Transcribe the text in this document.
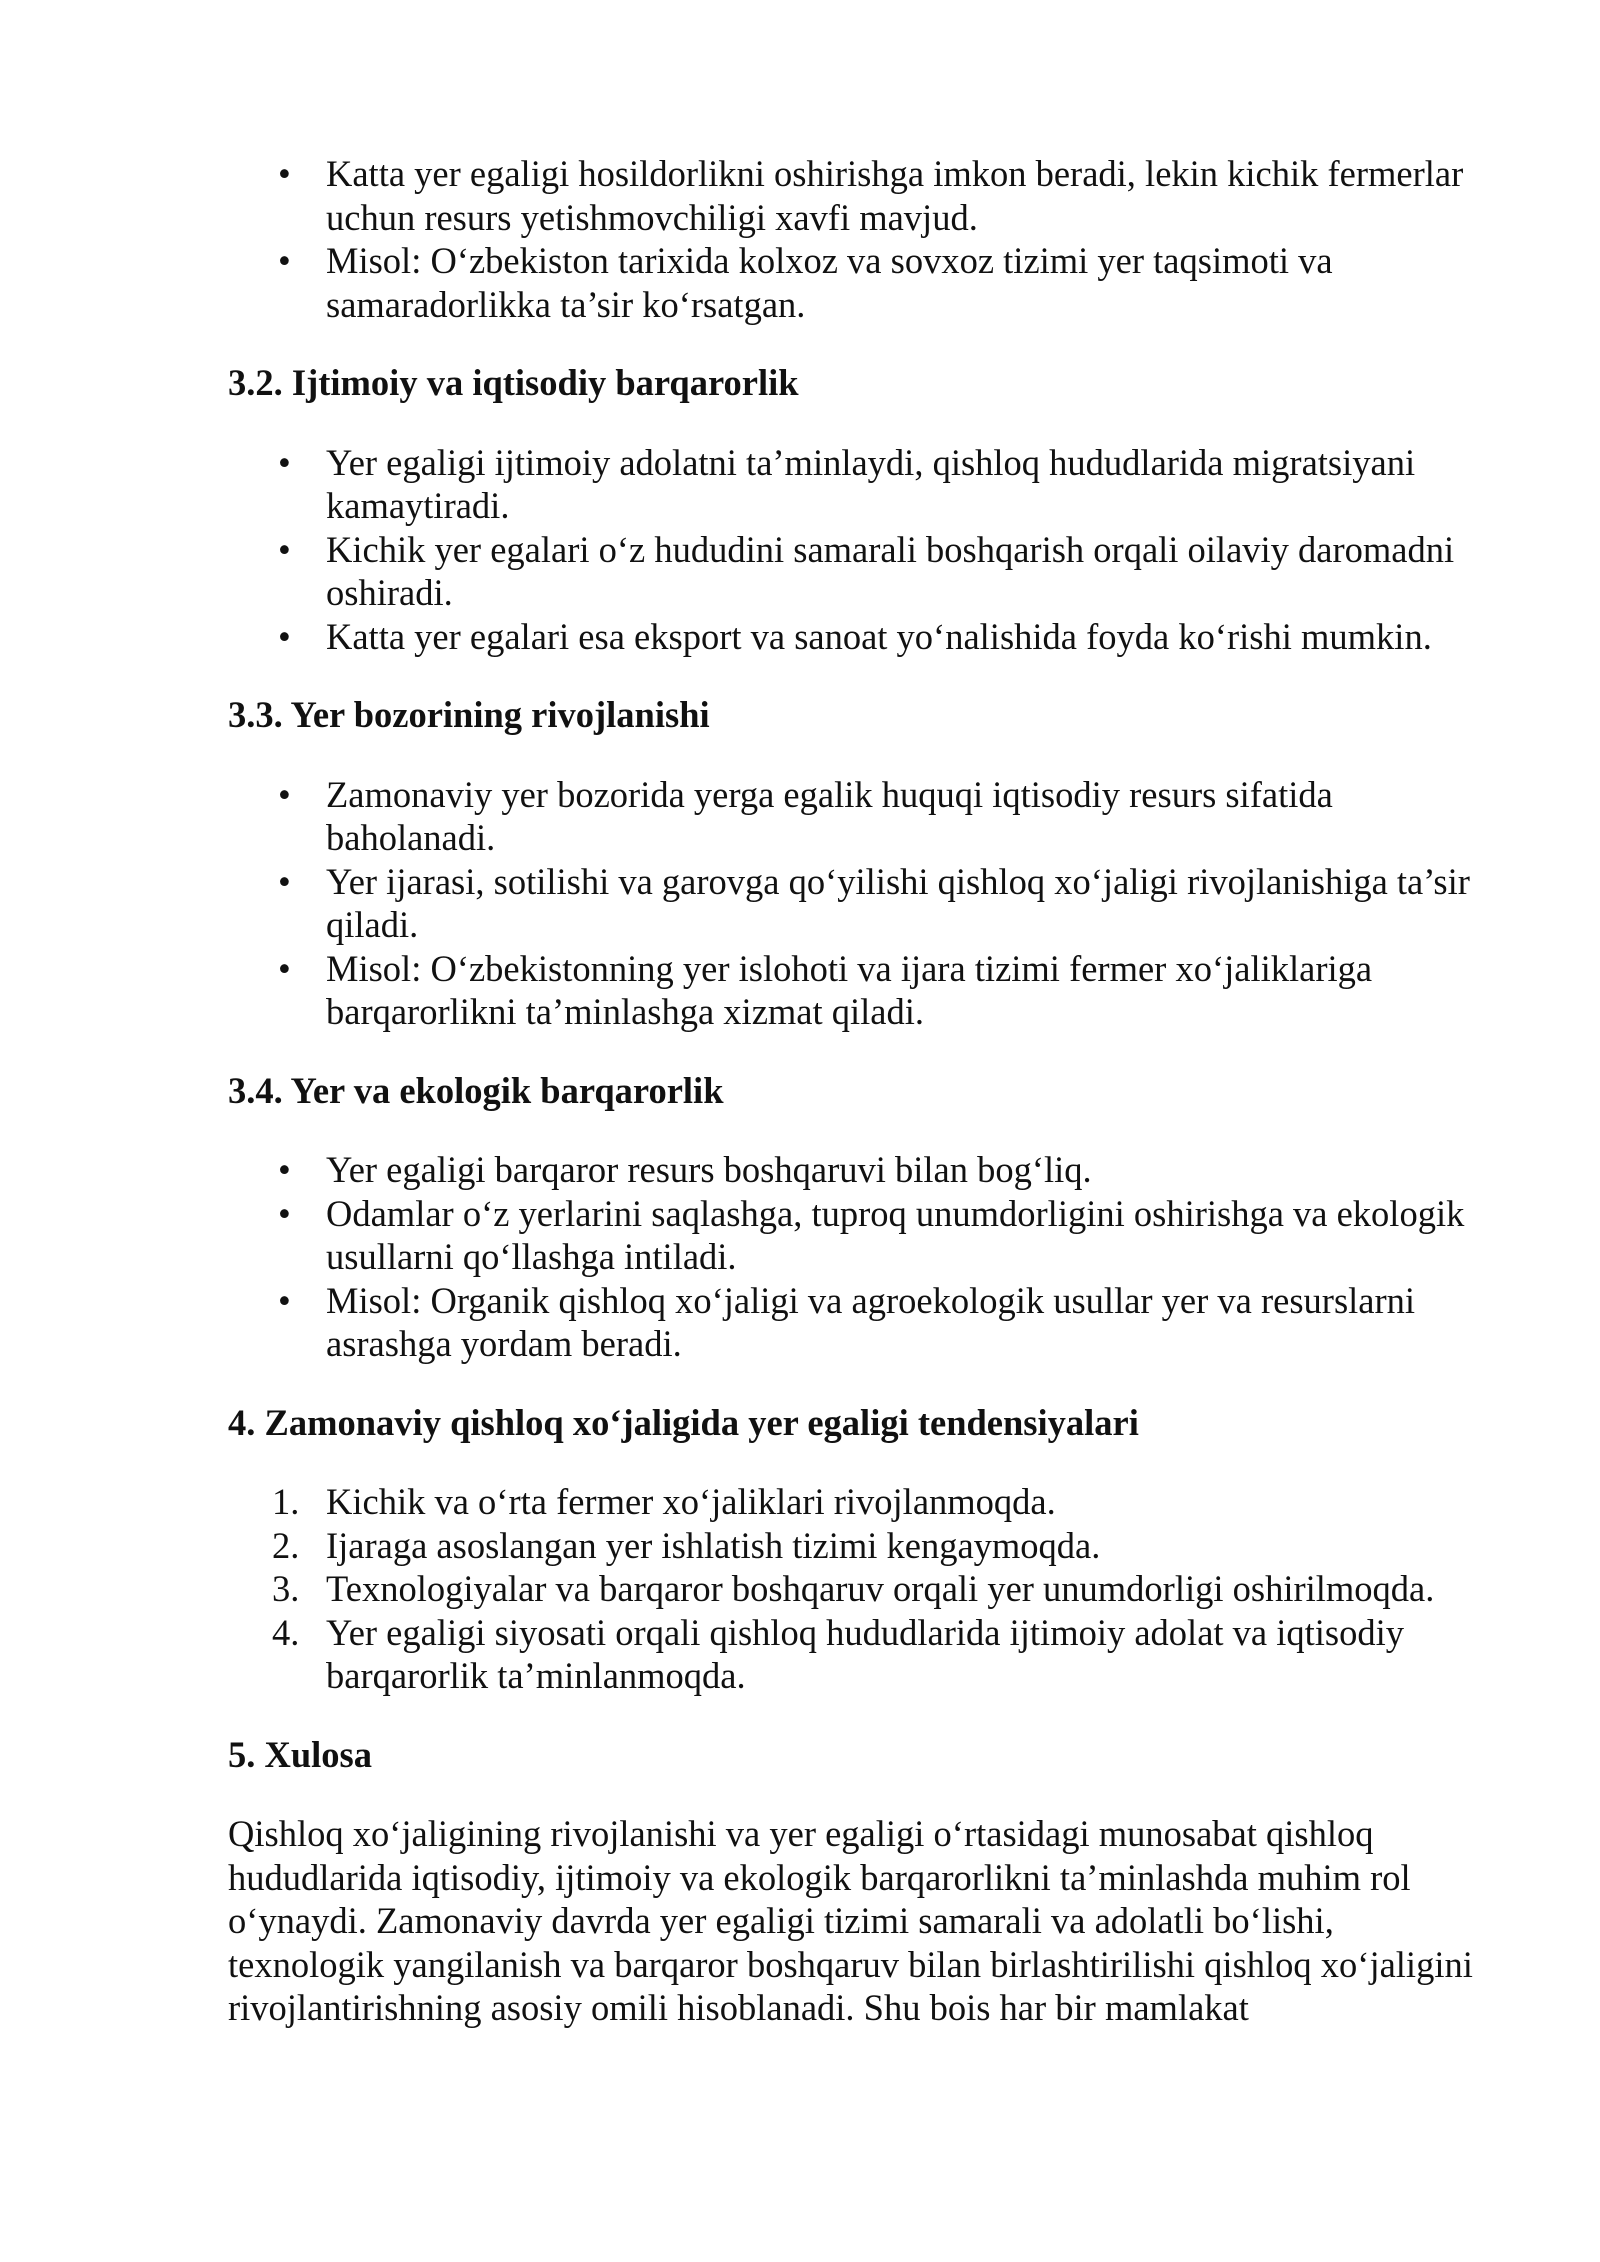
• Katta yer egaligi hosildorlikni oshirishga imkon beradi, lekin kichik fermerlar uchun resurs yetishmovchiligi xavfi mavjud.
• Misol: O‘zbekiston tarixida kolxoz va sovxoz tizimi yer taqsimoti va samaradorlikka ta’sir ko‘rsatgan.
3.2. Ijtimoiy va iqtisodiy barqarorlik
• Yer egaligi ijtimoiy adolatni ta’minlaydi, qishloq hududlarida migratsiyani kamaytiradi.
• Kichik yer egalari o‘z hududini samarali boshqarish orqali oilaviy daromadni oshiradi.
• Katta yer egalari esa eksport va sanoat yo‘nalishida foyda ko‘rishi mumkin.
3.3. Yer bozorining rivojlanishi
• Zamonaviy yer bozorida yerga egalik huquqi iqtisodiy resurs sifatida baholanadi.
• Yer ijarasi, sotilishi va garovga qo‘yilishi qishloq xo‘jaligi rivojlanishiga ta’sir qiladi.
• Misol: O‘zbekistonning yer islohoti va ijara tizimi fermer xo‘jaliklariga barqarorlikni ta’minlashga xizmat qiladi.
3.4. Yer va ekologik barqarorlik
• Yer egaligi barqaror resurs boshqaruvi bilan bog‘liq.
• Odamlar o‘z yerlarini saqlashga, tuproq unumdorligini oshirishga va ekologik usullarni qo‘llashga intiladi.
• Misol: Organik qishloq xo‘jaligi va agroekologik usullar yer va resurslarni asrashga yordam beradi.
4. Zamonaviy qishloq xo‘jaligida yer egaligi tendensiyalari
1. Kichik va o‘rta fermer xo‘jaliklari rivojlanmoqda.
2. Ijaraga asoslangan yer ishlatish tizimi kengaymoqda.
3. Texnologiyalar va barqaror boshqaruv orqali yer unumdorligi oshirilmoqda.
4. Yer egaligi siyosati orqali qishloq hududlarida ijtimoiy adolat va iqtisodiy barqarorlik ta’minlanmoqda.
5. Xulosa

Qishloq xo‘jaligining rivojlanishi va yer egaligi o‘rtasidagi munosabat qishloq hududlarida iqtisodiy, ijtimoiy va ekologik barqarorlikni ta’minlashda muhim rol o‘ynaydi. Zamonaviy davrda yer egaligi tizimi samarali va adolatli bo‘lishi, texnologik yangilanish va barqaror boshqaruv bilan birlashtirilishi qishloq xo‘jaligini rivojlantirishning asosiy omili hisoblanadi. Shu bois har bir mamlakat
